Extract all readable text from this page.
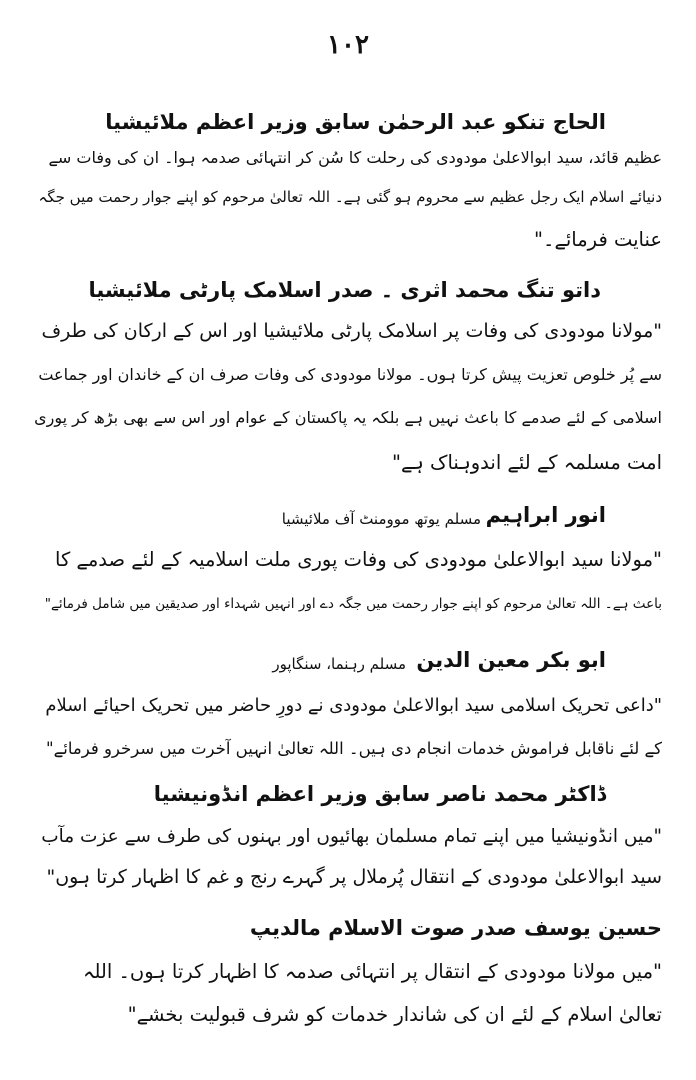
١٠٢
الحاج تنکو عبد الرحمٰن سابق وزیر اعظم ملائیشیا
عظیم قائد، سید ابوالاعلیٰ مودودی کی رحلت کا سُن کر انتہائی صدمہ ہوا۔ ان کی وفات سے
دنیائے اسلام ایک رجل عظیم سے محروم ہو گئی ہے۔ اللہ تعالیٰ مرحوم کو اپنے جوار رحمت میں جگہ
عنایت فرمائے۔"
داتو تنگ محمد اثری ۔ صدر اسلامک پارٹی ملائیشیا
"مولانا مودودی کی وفات پر اسلامک پارٹی ملائیشیا اور اس کے ارکان کی طرف
سے پُر خلوص تعزیت پیش کرتا ہوں۔ مولانا مودودی کی وفات صرف ان کے خاندان اور جماعت
اسلامی کے لئے صدمے کا باعث نہیں ہے بلکہ یہ پاکستان کے عوام اور اس سے بھی بڑھ کر پوری
امت مسلمہ کے لئے اندوہناک ہے"
انور ابراہیم
مسلم یوتھ موومنٹ آف ملائیشیا
"مولانا سید ابوالاعلیٰ مودودی کی وفات پوری ملت اسلامیہ کے لئے صدمے کا
باعث ہے۔ اللہ تعالیٰ مرحوم کو اپنے جوار رحمت میں جگہ دے اور انہیں شہداء اور صدیقین میں شامل فرمائے"
ابو بکر معین الدین
مسلم رہنما، سنگاپور
"داعی تحریک اسلامی سید ابوالاعلیٰ مودودی نے دورِ حاضر میں تحریک احیائے اسلام
کے لئے ناقابل فراموش خدمات انجام دی ہیں۔ اللہ تعالیٰ انہیں آخرت میں سرخرو فرمائے"
ڈاکٹر محمد ناصر سابق وزیر اعظم انڈونیشیا
"میں انڈونیشیا میں اپنے تمام مسلمان بھائیوں اور بہنوں کی طرف سے عزت مآب
سید ابوالاعلیٰ مودودی کے انتقال پُرملال پر گہرے رنج و غم کا اظہار کرتا ہوں"
حسین یوسف صدر صوت الاسلام مالدیپ
"میں مولانا مودودی کے انتقال پر انتہائی صدمہ کا اظہار کرتا ہوں۔ اللہ
تعالیٰ اسلام کے لئے ان کی شاندار خدمات کو شرف قبولیت بخشے"
